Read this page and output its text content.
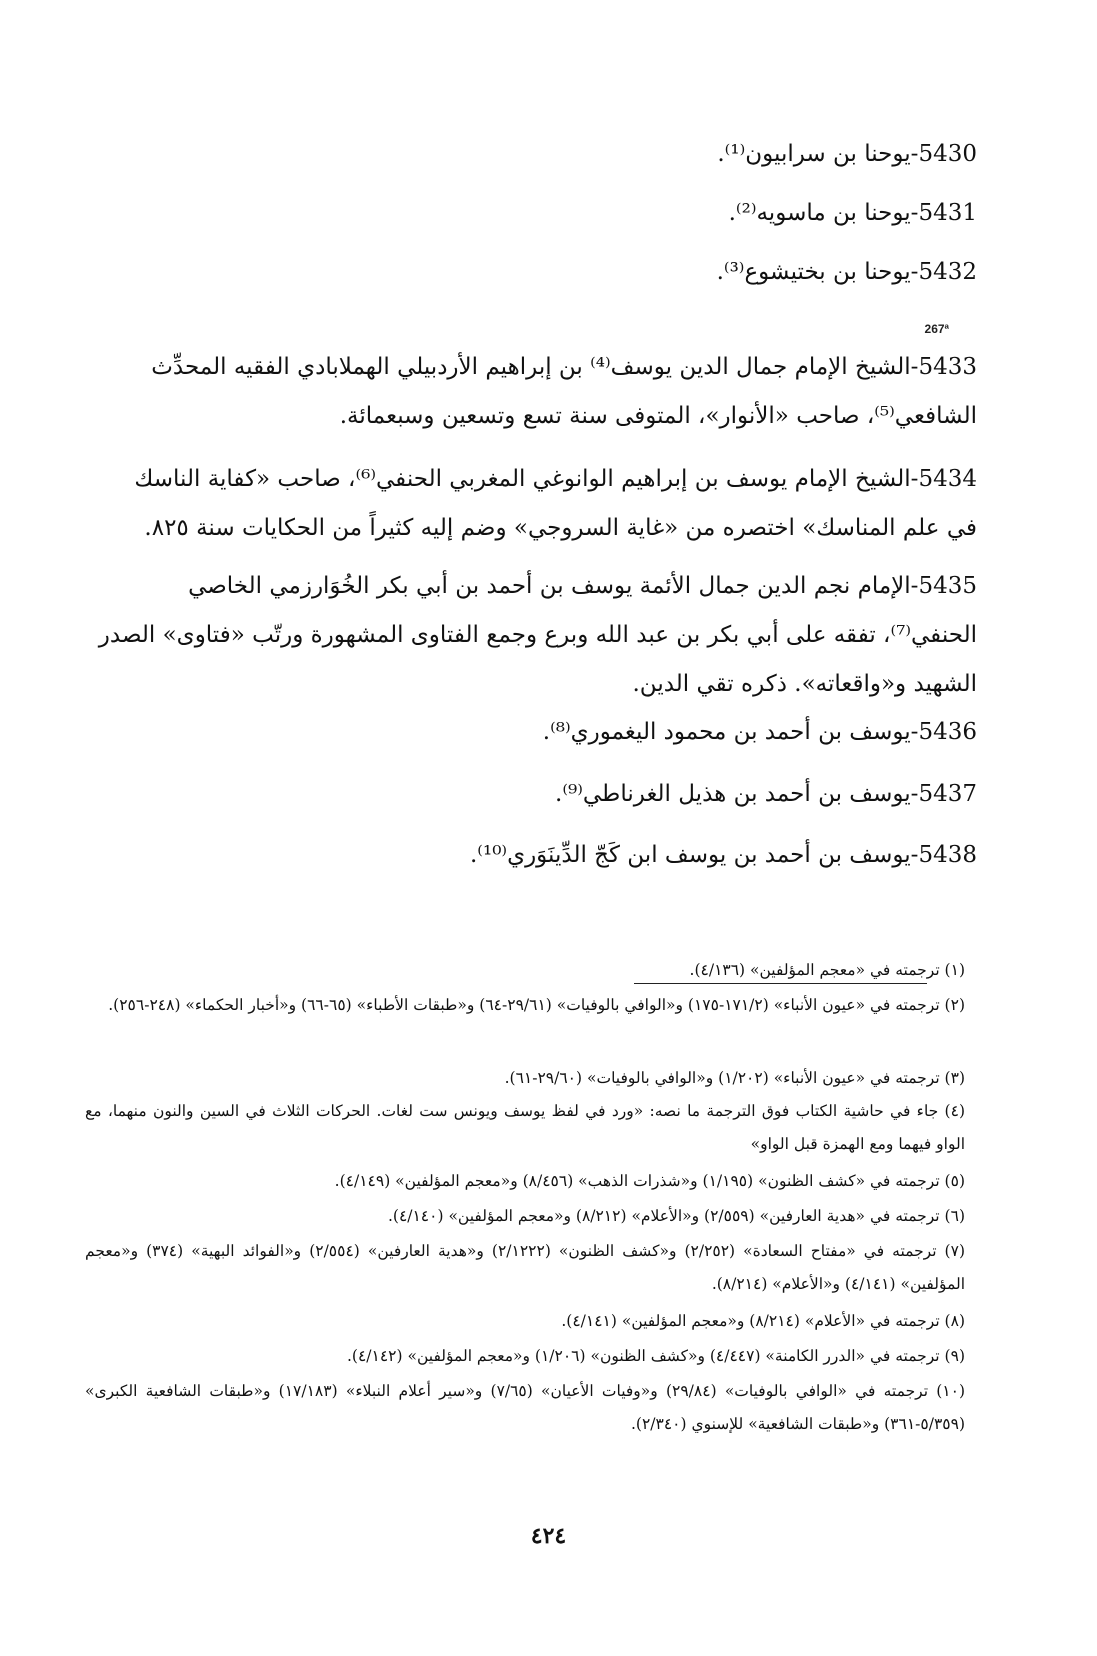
5430-يوحنا بن سرابيون⁽¹⁾.
5431-يوحنا بن ماسويه⁽²⁾.
5432-يوحنا بن بختيشوع⁽³⁾.
267ª
5433-الشيخ الإمام جمال الدين يوسف⁽⁴⁾ بن إبراهيم الأردبيلي الهملابادي الفقيه المحدِّث الشافعي⁽⁵⁾، صاحب «الأنوار»، المتوفى سنة تسع وتسعين وسبعمائة.
5434-الشيخ الإمام يوسف بن إبراهيم الوانوغي المغربي الحنفي⁽⁶⁾، صاحب «كفاية الناسك في علم المناسك» اختصره من «غاية السروجي» وضم إليه كثيراً من الحكايات سنة ٨٢٥.
5435-الإمام نجم الدين جمال الأئمة يوسف بن أحمد بن أبي بكر الخُوَارزمي الخاصي الحنفي⁽⁷⁾، تفقه على أبي بكر بن عبد الله وبرع وجمع الفتاوى المشهورة ورتّب «فتاوى» الصدر الشهيد و«واقعاته». ذكره تقي الدين.
5436-يوسف بن أحمد بن محمود اليغموري⁽⁸⁾.
5437-يوسف بن أحمد بن هذيل الغرناطي⁽⁹⁾.
5438-يوسف بن أحمد بن يوسف ابن كَجّ الدِّينَوَري⁽¹⁰⁾.
(١) ترجمته في «معجم المؤلفين» (٤/١٣٦).
(٢) ترجمته في «عيون الأنباء» (١٧١/٢-١٧٥) و«الوافي بالوفيات» (٢٩/٦١-٦٤) و«طبقات الأطباء» (٦٥-٦٦) و«أخبار الحكماء» (٢٤٨-٢٥٦).
(٣) ترجمته في «عيون الأنباء» (١/٢٠٢) و«الوافي بالوفيات» (٢٩/٦٠-٦١).
(٤) جاء في حاشية الكتاب فوق الترجمة ما نصه: «ورد في لفظ يوسف ويونس ست لغات. الحركات الثلاث في السين والنون منهما، مع الواو فيهما ومع الهمزة قبل الواو»
(٥) ترجمته في «كشف الظنون» (١/١٩٥) و«شذرات الذهب» (٨/٤٥٦) و«معجم المؤلفين» (٤/١٤٩).
(٦) ترجمته في «هدية العارفين» (٢/٥٥٩) و«الأعلام» (٨/٢١٢) و«معجم المؤلفين» (٤/١٤٠).
(٧) ترجمته في «مفتاح السعادة» (٢/٢٥٢) و«كشف الظنون» (٢/١٢٢٢) و«هدية العارفين» (٢/٥٥٤) و«الفوائد البهية» (٣٧٤) و«معجم المؤلفين» (٤/١٤١) و«الأعلام» (٨/٢١٤).
(٨) ترجمته في «الأعلام» (٨/٢١٤) و«معجم المؤلفين» (٤/١٤١).
(٩) ترجمته في «الدرر الكامنة» (٤/٤٤٧) و«كشف الظنون» (١/٢٠٦) و«معجم المؤلفين» (٤/١٤٢).
(١٠) ترجمته في «الوافي بالوفيات» (٢٩/٨٤) و«وفيات الأعيان» (٧/٦٥) و«سير أعلام النبلاء» (١٧/١٨٣) و«طبقات الشافعية الكبرى» (٥/٣٥٩-٣٦١) و«طبقات الشافعية» للإسنوي (٢/٣٤٠).
٤٢٤
